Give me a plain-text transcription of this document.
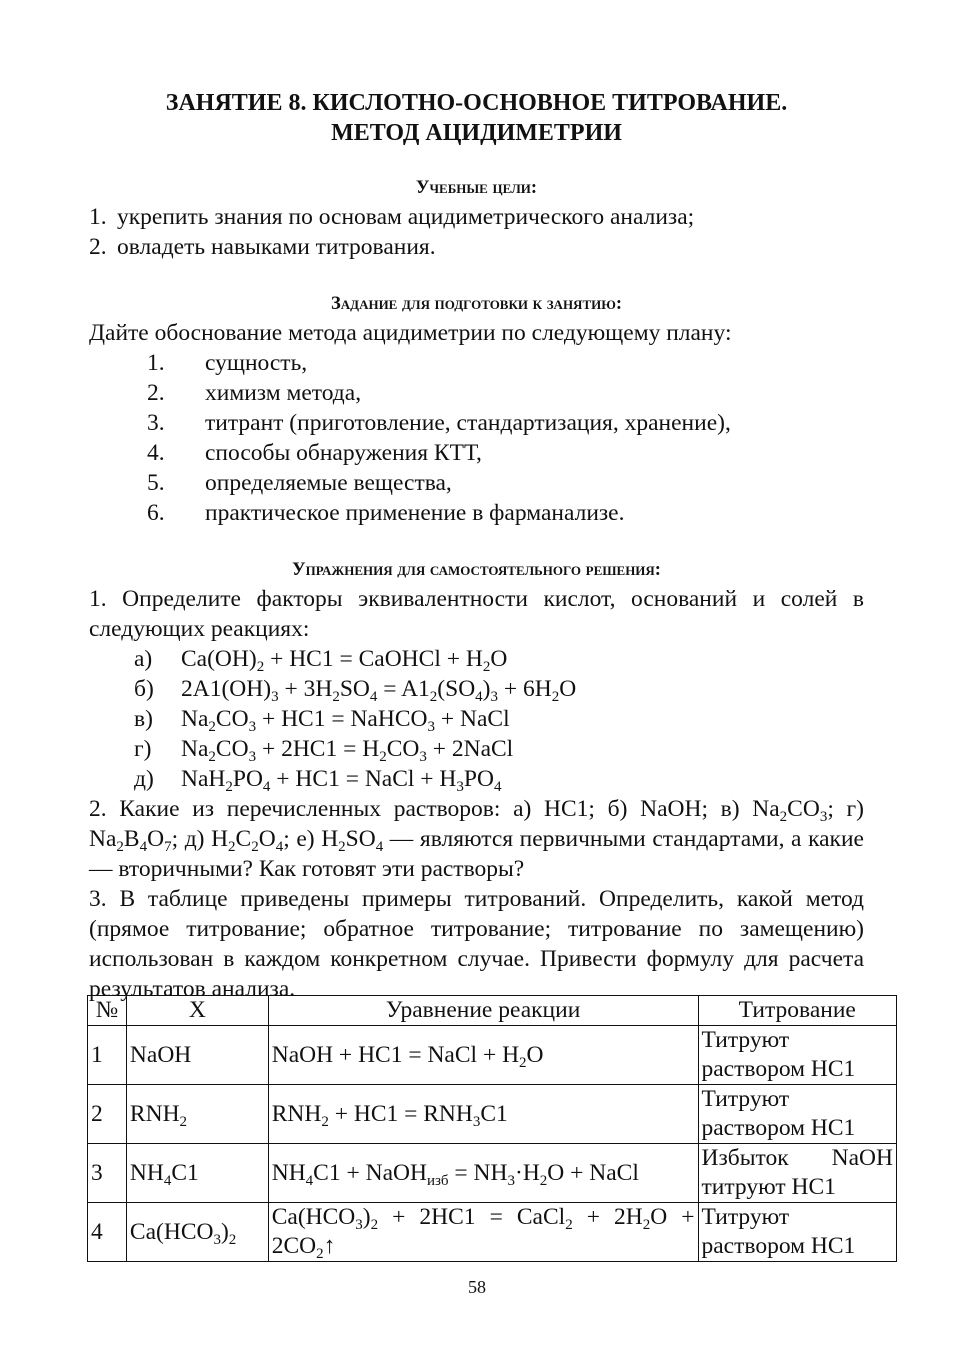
ЗАНЯТИЕ 8. КИСЛОТНО-ОСНОВНОЕ ТИТРОВАНИЕ.

МЕТОД АЦИДИМЕТРИИ

Учебные цели:

1. укрепить знания по основам ацидиметрического анализа;
2. овладеть навыками титрования.

Задание для подготовки к занятию:

Дайте обоснование метода ацидиметрии по следующему плану:

1.	сущность,
2.	химизм метода,
3.	титрант (приготовление, стандартизация, хранение),
4.	способы обнаружения КТТ,
5.	определяемые вещества,
6.	практическое применение в фарманализе.

Упражнения для самостоятельного решения:

1. Определите факторы эквивалентности кислот, оснований и солей в следующих реакциях:

а)	$Ca(OH)_2 + HC1$ = CaOHCl + $H_2O$
б)	$2A1(OH)_3 + 3H_2SO_4 = A1_2(SO_4)_3 + 6H_2O$
в)	$Na_2CO_3 + HC1$ = NaHCO$_3$ + NaCl
г)	$Na_2CO_3 + 2HC1 = H_2CO_3$ + 2NaCl
д)	$NaH_2PO_4 + HC1$ = NaCl + $H_3PO_4$

2. Какие из перечисленных растворов: а) HC1; б) NaOH; в) $Na_2CO_3$; г) $Na_2B_4O_7$; д) $H_2C_2O_4$; е) $H_2SO_4$ — являются первичными стандартами, а какие — вторичными? Как готовят эти растворы?

3. В таблице приведены примеры титрований. Определить, какой метод (прямое титрование; обратное титрование; титрование по замещению) использован в каждом конкретном случае. Привести формулу для расчета результатов анализа.

№	X	Уравнение реакции	Титрование
1	NaOH	NaOH + HC1 = NaCl + $H_2O$	Титруют раствором HC1
2	$RNH_2$	$RNH_2 + HC1 = RNH_3C1$	Титруют раствором HC1
3	$NH_4C1$	$NH_4C1$ + NaOH$_{изб}$ = $NH_3\cdot H_2O$ + NaCl	Избыток NaOH титруют HC1
4	$Ca(HCO_3)_2$	$Ca(HCO_3)_2 + 2HC1$ = CaCl$_2$ + $2H_2O$ + $2CO_2↑$	Титруют раствором HC1
58
